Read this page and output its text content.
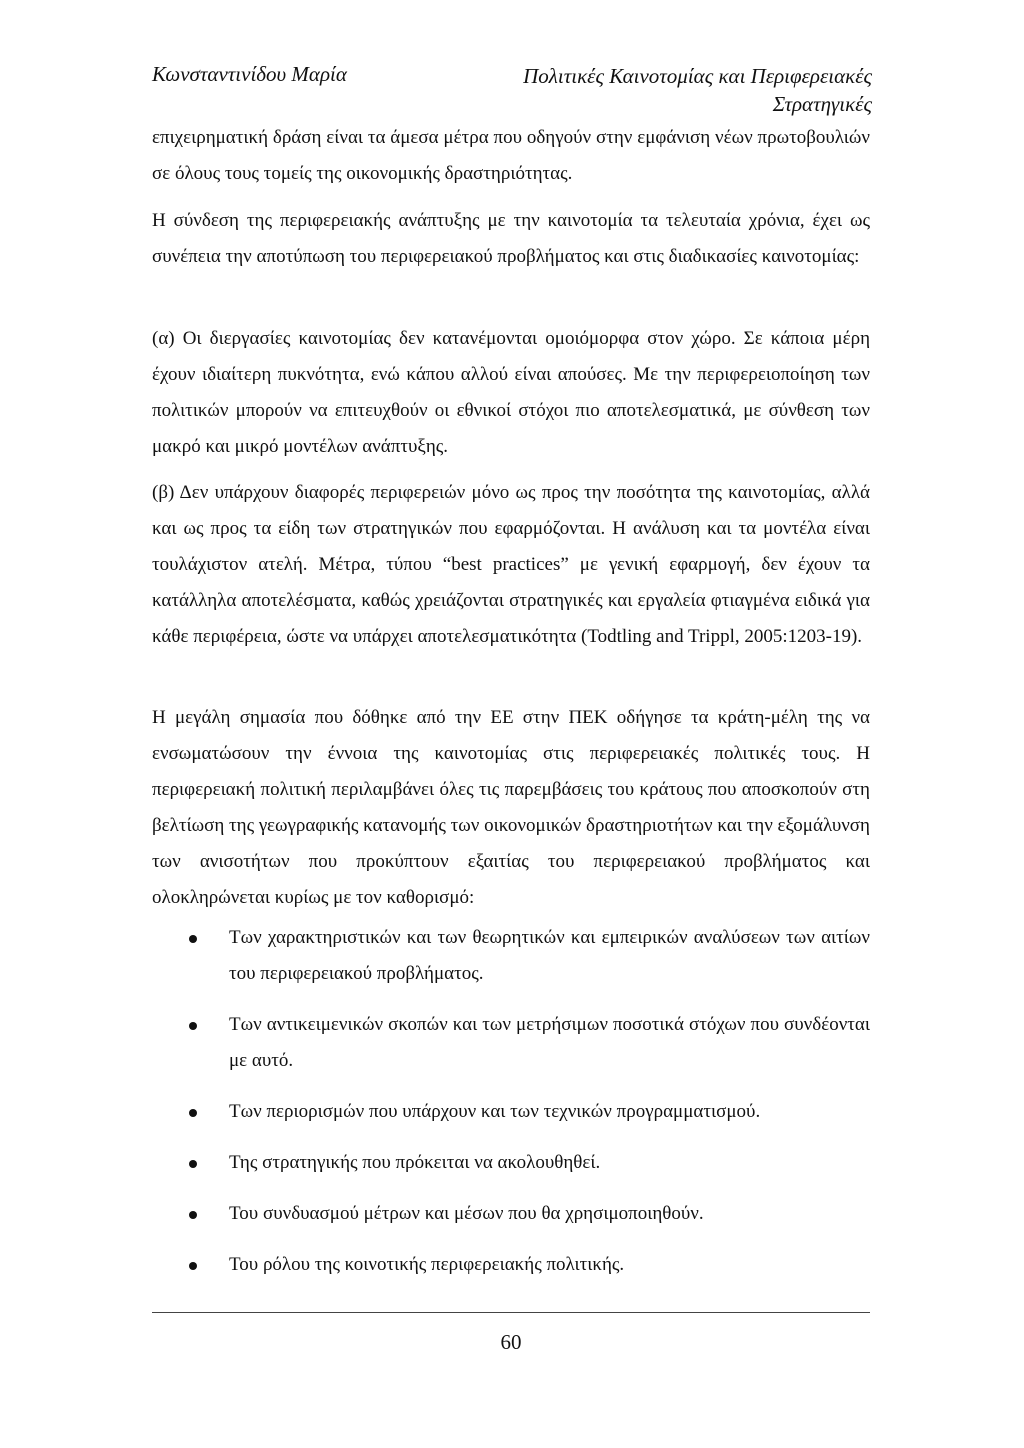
Κωνσταντινίδου Μαρία	Πολιτικές Καινοτομίας και Περιφερειακές Στρατηγικές

επιχειρηματική δράση είναι τα άμεσα μέτρα που οδηγούν στην εμφάνιση νέων πρωτοβουλιών σε όλους τους τομείς της οικονομικής δραστηριότητας.

Η σύνδεση της περιφερειακής ανάπτυξης με την καινοτομία τα τελευταία χρόνια, έχει ως συνέπεια την αποτύπωση του περιφερειακού προβλήματος και στις διαδικασίες καινοτομίας:

(α) Οι διεργασίες καινοτομίας δεν κατανέμονται ομοιόμορφα στον χώρο. Σε κάποια μέρη έχουν ιδιαίτερη πυκνότητα, ενώ κάπου αλλού είναι απούσες. Με την περιφερειοποίηση των πολιτικών μπορούν να επιτευχθούν οι εθνικοί στόχοι πιο αποτελεσματικά, με σύνθεση των μακρό και μικρό μοντέλων ανάπτυξης.

(β) Δεν υπάρχουν διαφορές περιφερειών μόνο ως προς την ποσότητα της καινοτομίας, αλλά και ως προς τα είδη των στρατηγικών που εφαρμόζονται. Η ανάλυση και τα μοντέλα είναι τουλάχιστον ατελή. Μέτρα, τύπου “best practices” με γενική εφαρμογή, δεν έχουν τα κατάλληλα αποτελέσματα, καθώς χρειάζονται στρατηγικές και εργαλεία φτιαγμένα ειδικά για κάθε περιφέρεια, ώστε να υπάρχει αποτελεσματικότητα (Todtling and Trippl, 2005:1203-19).

Η μεγάλη σημασία που δόθηκε από την ΕΕ στην ΠΕΚ οδήγησε τα κράτη-μέλη της να ενσωματώσουν την έννοια της καινοτομίας στις περιφερειακές πολιτικές τους. Η περιφερειακή πολιτική περιλαμβάνει όλες τις παρεμβάσεις του κράτους που αποσκοπούν στη βελτίωση της γεωγραφικής κατανομής των οικονομικών δραστηριοτήτων και την εξομάλυνση των ανισοτήτων που προκύπτουν εξαιτίας του περιφερειακού προβλήματος και ολοκληρώνεται κυρίως με τον καθορισμό:

Των χαρακτηριστικών και των θεωρητικών και εμπειρικών αναλύσεων των αιτίων του περιφερειακού προβλήματος.
Των αντικειμενικών σκοπών και των μετρήσιμων ποσοτικά στόχων που συνδέονται με αυτό.
Των περιορισμών που υπάρχουν και των τεχνικών προγραμματισμού.
Της στρατηγικής που πρόκειται να ακολουθηθεί.
Του συνδυασμού μέτρων και μέσων που θα χρησιμοποιηθούν.
Του ρόλου της κοινοτικής περιφερειακής πολιτικής.
60
